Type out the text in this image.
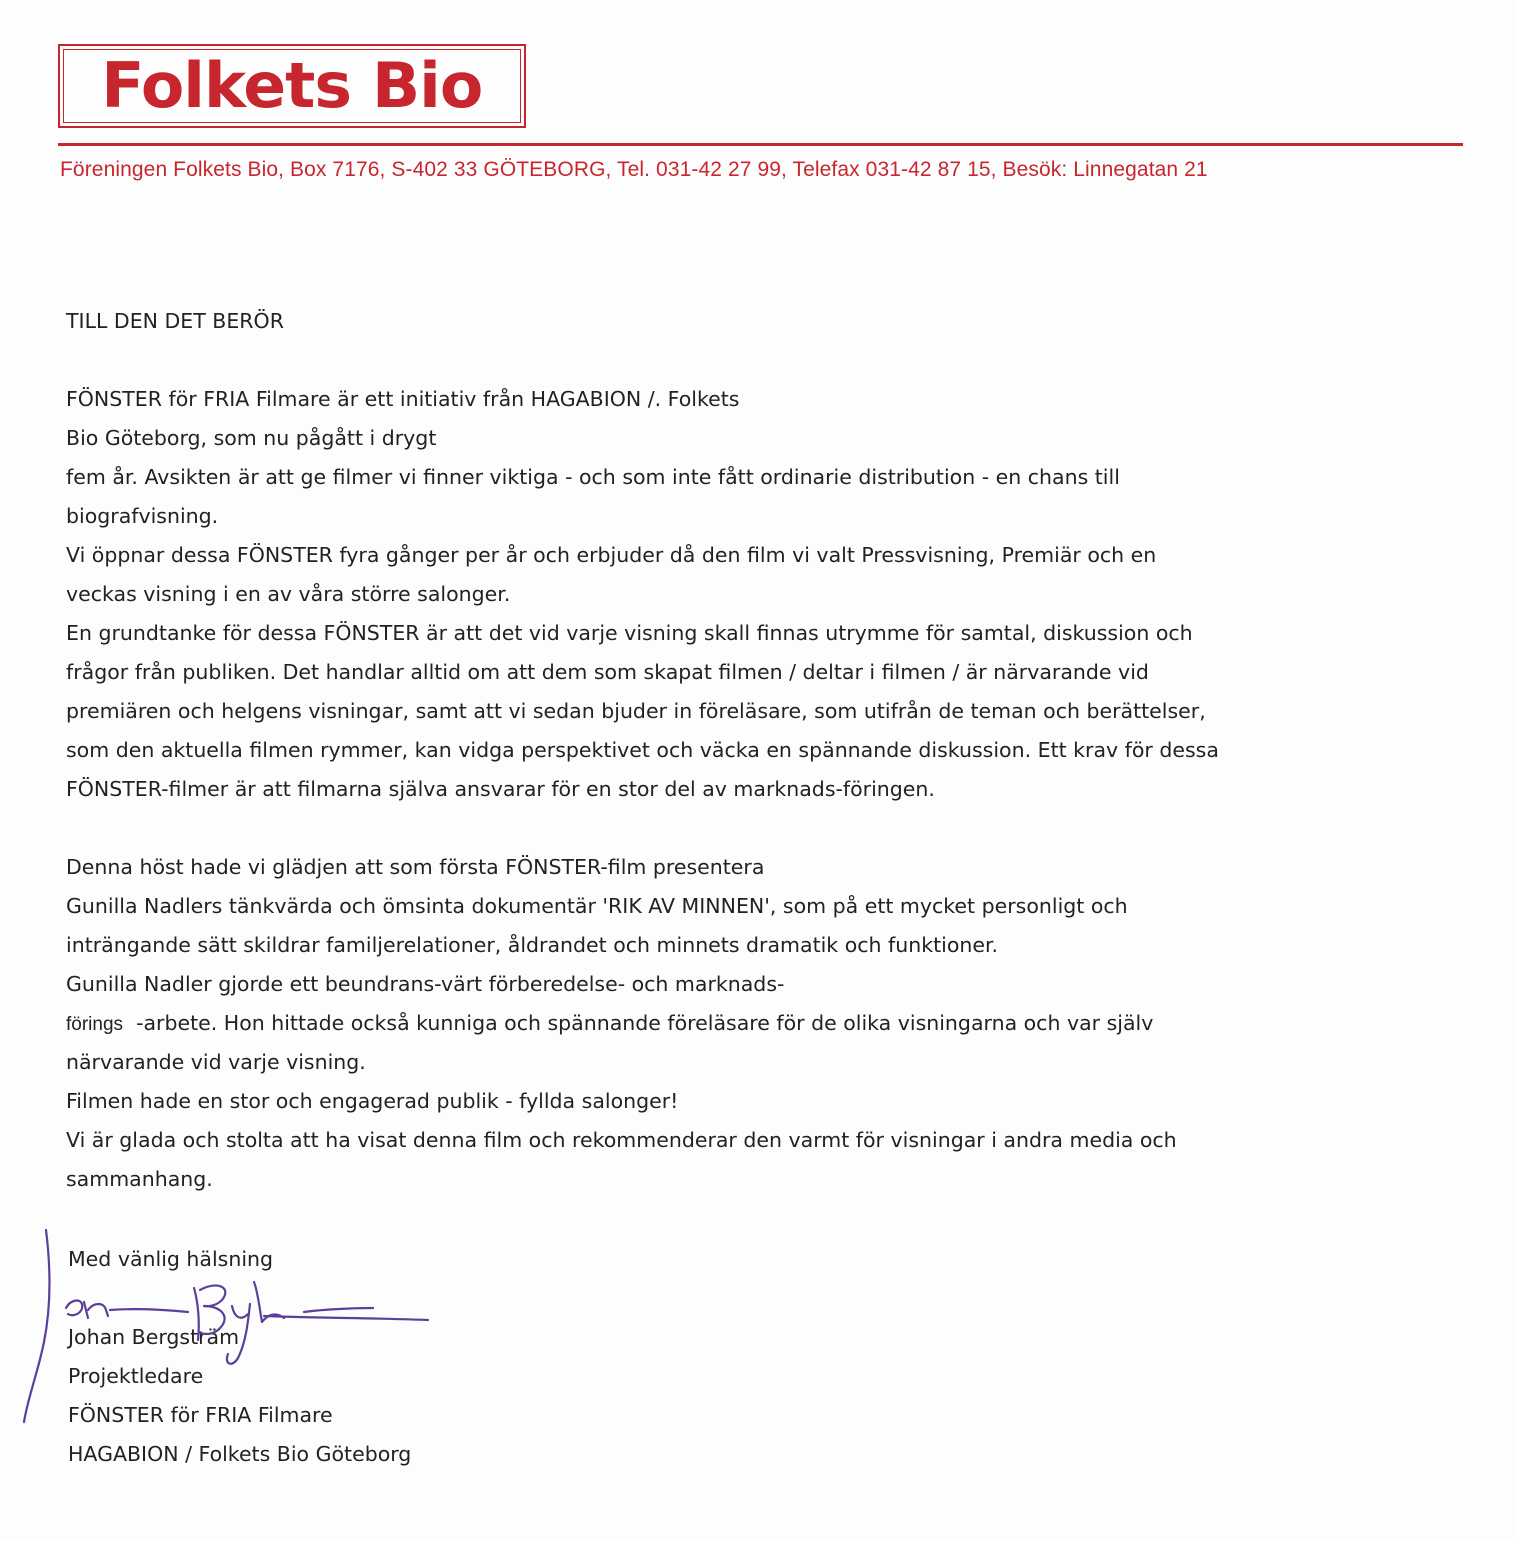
Folkets Bio
Föreningen Folkets Bio, Box 7176, S-402 33 GÖTEBORG, Tel. 031-42 27 99, Telefax 031-42 87 15, Besök: Linnegatan 21
TILL DEN DET BERÖR
FÖNSTER för FRIA Filmare är ett initiativ från HAGABION /. Folkets
Bio Göteborg, som nu pågått i drygt
fem år. Avsikten är att ge filmer vi finner viktiga - och som inte fått ordinarie distribution - en chans till
biografvisning.
Vi öppnar dessa FÖNSTER fyra gånger per år och erbjuder då den film vi valt Pressvisning, Premiär och en
veckas visning i en av våra större salonger.
En grundtanke för dessa FÖNSTER är att det vid varje visning skall finnas utrymme för samtal, diskussion och
frågor från publiken. Det handlar alltid om att dem som skapat filmen / deltar i filmen / är närvarande vid
premiären och helgens visningar, samt att vi sedan bjuder in föreläsare, som utifrån de teman och berättelser,
som den aktuella filmen rymmer, kan vidga perspektivet och väcka en spännande diskussion. Ett krav för dessa
FÖNSTER-filmer är att filmarna själva ansvarar för en stor del av marknads-föringen.
Denna höst hade vi glädjen att som första FÖNSTER-film presentera
Gunilla Nadlers tänkvärda och ömsinta dokumentär 'RIK AV MINNEN', som på ett mycket personligt och
inträngande sätt skildrar familjerelationer, åldrandet och minnets dramatik och funktioner.
Gunilla Nadler gjorde ett beundrans-värt förberedelse- och marknads-
förings -arbete. Hon hittade också kunniga och spännande föreläsare för de olika visningarna och var själv
närvarande vid varje visning.
Filmen hade en stor och engagerad publik - fyllda salonger!
Vi är glada och stolta att ha visat denna film och rekommenderar den varmt för visningar i andra media och
sammanhang.
Med vänlig hälsning
Johan Bergsträm
Projektledare
FÖNSTER för FRIA Filmare
HAGABION / Folkets Bio Göteborg
